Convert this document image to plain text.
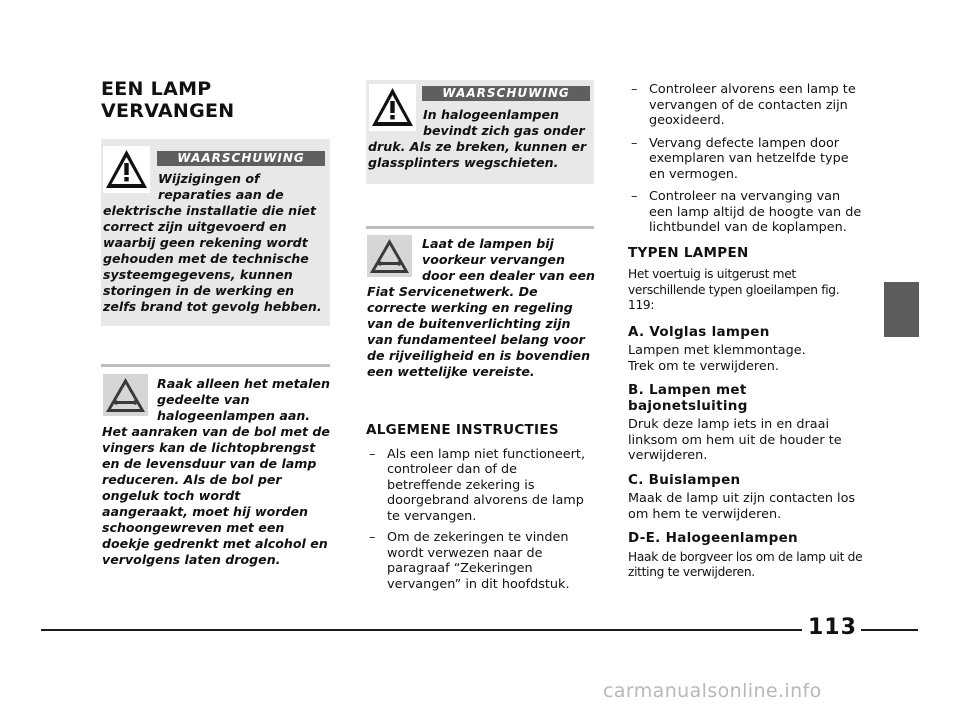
EEN LAMP
VERVANGEN
WAARSCHUWING
Wijzigingen of
reparaties aan de
elektrische installatie die niet correct zijn uitgevoerd en waarbij geen rekening wordt gehouden met de technische systeemgegevens, kunnen storingen in de werking en zelfs brand tot gevolg hebben.
Raak alleen het metalen
gedeelte van
halogeenlampen aan.
Het aanraken van de bol met de vingers kan de lichtopbrengst en de levensduur van de lamp reduceren. Als de bol per ongeluk toch wordt aangeraakt, moet hij worden schoongewreven met een doekje gedrenkt met alcohol en vervolgens laten drogen.
WAARSCHUWING
In halogeenlampen
bevindt zich gas onder
druk. Als ze breken, kunnen er glassplinters wegschieten.
Laat de lampen bij
voorkeur vervangen
door een dealer van een
Fiat Servicenetwerk. De correcte werking en regeling van de buitenverlichting zijn van fundamenteel belang voor de rijveiligheid en is bovendien een wettelijke vereiste.

ALGEMENE INSTRUCTIES

– Als een lamp niet functioneert, controleer dan of de betreffende zekering is doorgebrand alvorens de lamp te vervangen.

– Om de zekeringen te vinden wordt verwezen naar de paragraaf “Zekeringen vervangen” in dit hoofdstuk.

– Controleer alvorens een lamp te vervangen of de contacten zijn geoxideerd.

– Vervang defecte lampen door exemplaren van hetzelfde type en vermogen.

– Controleer na vervanging van een lamp altijd de hoogte van de lichtbundel van de koplampen.

TYPEN LAMPEN

Het voertuig is uitgerust met verschillende typen gloeilampen fig. 119:

A. Volglas lampen

Lampen met klemmontage. Trek om te verwijderen.

B. Lampen met bajonetsluiting

Druk deze lamp iets in en draai linksom om hem uit de houder te verwijderen.

C. Buislampen

Maak de lamp uit zijn contacten los om hem te verwijderen.

D-E. Halogeenlampen

Haak de borgveer los om de lamp uit de zitting te verwijderen.

113
carmanualsonline.info
